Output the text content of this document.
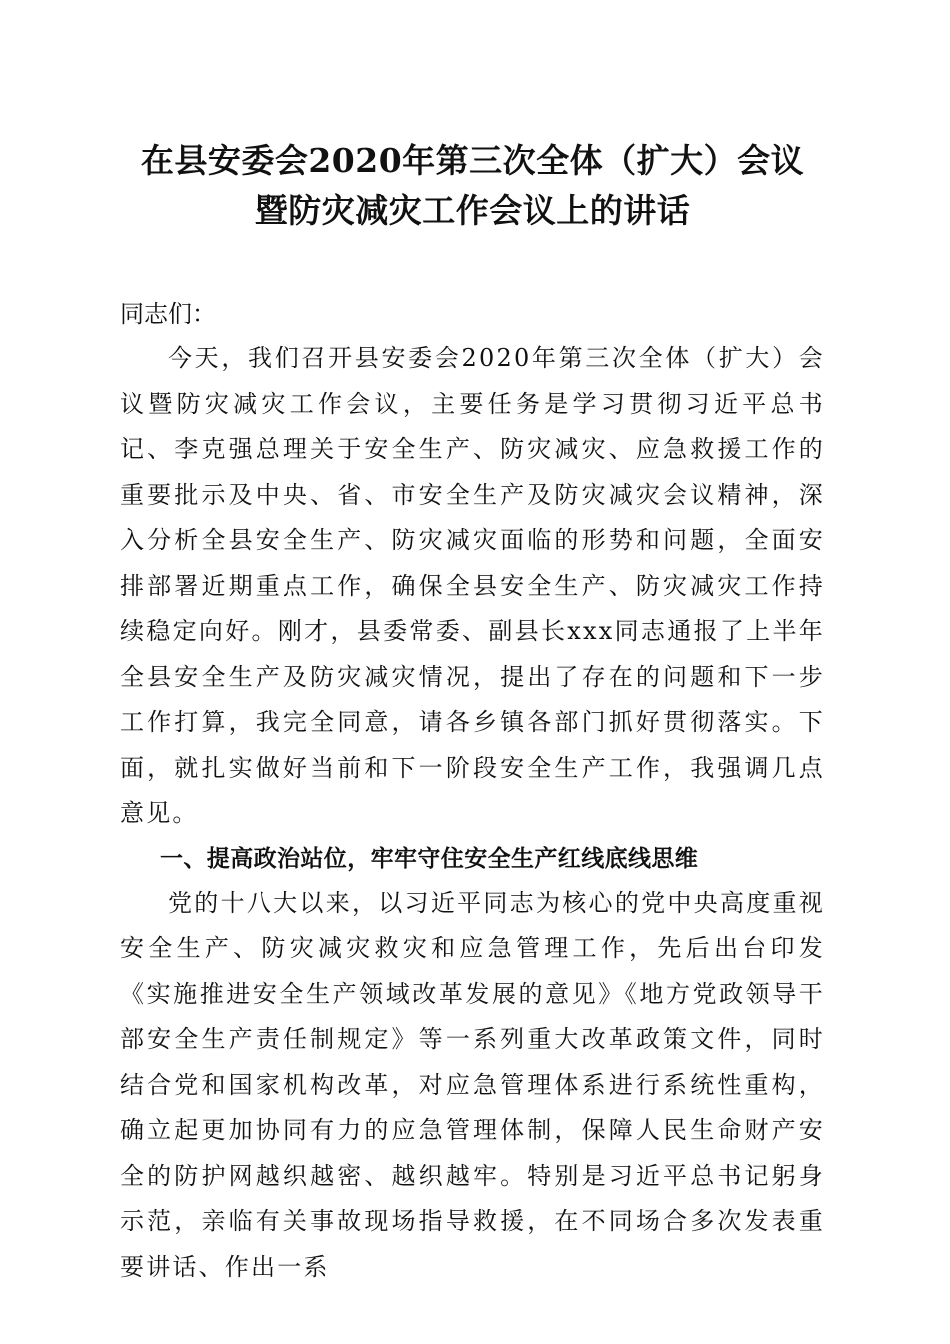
在县安委会2020年第三次全体（扩大）会议
暨防灾减灾工作会议上的讲话

同志们：

今天，我们召开县安委会2020年第三次全体（扩大）会议暨防灾减灾工作会议，主要任务是学习贯彻习近平总书记、李克强总理关于安全生产、防灾减灾、应急救援工作的重要批示及中央、省、市安全生产及防灾减灾会议精神，深入分析全县安全生产、防灾减灾面临的形势和问题，全面安排部署近期重点工作，确保全县安全生产、防灾减灾工作持续稳定向好。刚才，县委常委、副县长xxx同志通报了上半年全县安全生产及防灾减灾情况，提出了存在的问题和下一步工作打算，我完全同意，请各乡镇各部门抓好贯彻落实。下面，就扎实做好当前和下一阶段安全生产工作，我强调几点意见。

一、提高政治站位，牢牢守住安全生产红线底线思维

党的十八大以来，以习近平同志为核心的党中央高度重视安全生产、防灾减灾救灾和应急管理工作，先后出台印发《实施推进安全生产领域改革发展的意见》《地方党政领导干部安全生产责任制规定》等一系列重大改革政策文件，同时结合党和国家机构改革，对应急管理体系进行系统性重构，确立起更加协同有力的应急管理体制，保障人民生命财产安全的防护网越织越密、越织越牢。特别是习近平总书记躬身示范，亲临有关事故现场指导救援，在不同场合多次发表重要讲话、作出一系
